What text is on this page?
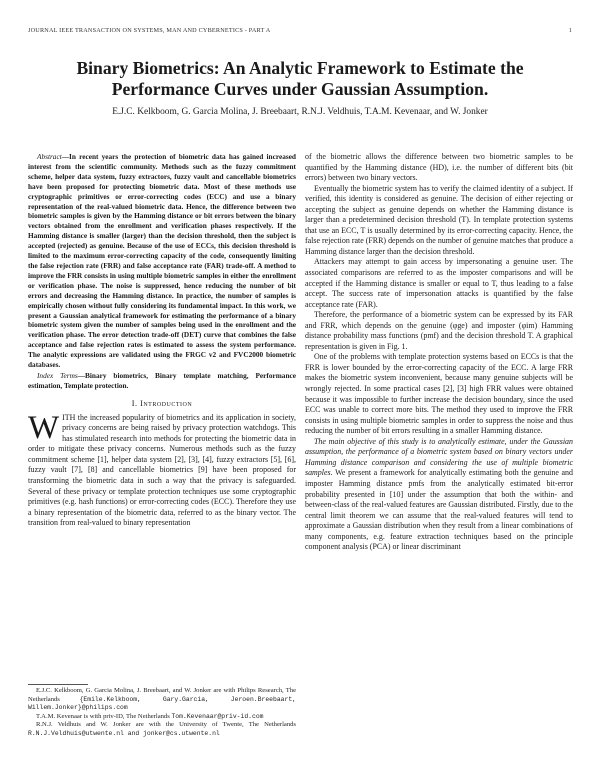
JOURNAL IEEE TRANSACTION ON SYSTEMS, MAN AND CYBERNETICS - PART A	1
Binary Biometrics: An Analytic Framework to Estimate the Performance Curves under Gaussian Assumption.
E.J.C. Kelkboom, G. Garcia Molina, J. Breebaart, R.N.J. Veldhuis, T.A.M. Kevenaar, and W. Jonker

Abstract—In recent years the protection of biometric data has gained increased interest from the scientific community. Methods such as the fuzzy commitment scheme, helper data system, fuzzy extractors, fuzzy vault and cancellable biometrics have been proposed for protecting biometric data. Most of these methods use cryptographic primitives or error-correcting codes (ECC) and use a binary representation of the real-valued biometric data. Hence, the difference between two biometric samples is given by the Hamming distance or bit errors between the binary vectors obtained from the enrollment and verification phases respectively. If the Hamming distance is smaller (larger) than the decision threshold, then the subject is accepted (rejected) as genuine. Because of the use of ECCs, this decision threshold is limited to the maximum error-correcting capacity of the code, consequently limiting the false rejection rate (FRR) and false acceptance rate (FAR) trade-off. A method to improve the FRR consists in using multiple biometric samples in either the enrollment or verification phase. The noise is suppressed, hence reducing the number of bit errors and decreasing the Hamming distance. In practice, the number of samples is empirically chosen without fully considering its fundamental impact. In this work, we present a Gaussian analytical framework for estimating the performance of a binary biometric system given the number of samples being used in the enrollment and the verification phase. The error detection trade-off (DET) curve that combines the false acceptance and false rejection rates is estimated to assess the system performance. The analytic expressions are validated using the FRGC v2 and FVC2000 biometric databases.

Index Terms—Binary biometrics, Binary template matching, Performance estimation, Template protection.

I. Introduction

WITH the increased popularity of biometrics and its application in society, privacy concerns are being raised by privacy protection watchdogs. This has stimulated research into methods for protecting the biometric data in order to mitigate these privacy concerns. Numerous methods such as the fuzzy commitment scheme [1], helper data system [2], [3], [4], fuzzy extractors [5], [6], fuzzy vault [7], [8] and cancellable biometrics [9] have been proposed for transforming the biometric data in such a way that the privacy is safeguarded. Several of these privacy or template protection techniques use some cryptographic primitives (e.g. hash functions) or error-correcting codes (ECC). Therefore they use a binary representation of the biometric data, referred to as the binary vector. The transition from real-valued to binary representation

E.J.C. Kelkboom, G. Garcia Molina, J. Breebaart, and W. Jonker are with Philips Research, The Netherlands	{Emile.Kelkboom, Gary.Garcia, Jeroen.Breebaart, Willem.Jonker}@philips.com

T.A.M. Kevenaar is with priv-ID, The Netherlands Tom.Kevenaar@priv-id.com

R.N.J. Veldhuis and W. Jonker are with the University of Twente, The Netherlands R.N.J.Veldhuis@utwente.nl and jonker@cs.utwente.nl

of the biometric allows the difference between two biometric samples to be quantified by the Hamming distance (HD), i.e. the number of different bits (bit errors) between two binary vectors.

Eventually the biometric system has to verify the claimed identity of a subject. If verified, this identity is considered as genuine. The decision of either rejecting or accepting the subject as genuine depends on whether the Hamming distance is larger than a predetermined decision threshold (T). In template protection systems that use an ECC, T is usually determined by its error-correcting capacity. Hence, the false rejection rate (FRR) depends on the number of genuine matches that produce a Hamming distance larger than the decision threshold.

Attackers may attempt to gain access by impersonating a genuine user. The associated comparisons are referred to as the imposter comparisons and will be accepted if the Hamming distance is smaller or equal to T, thus leading to a false accept. The success rate of impersonation attacks is quantified by the false acceptance rate (FAR).

Therefore, the performance of a biometric system can be expressed by its FAR and FRR, which depends on the genuine (φge) and imposter (φim) Hamming distance probability mass functions (pmf) and the decision threshold T. A graphical representation is given in Fig. 1.

One of the problems with template protection systems based on ECCs is that the FRR is lower bounded by the error-correcting capacity of the ECC. A large FRR makes the biometric system inconvenient, because many genuine subjects will be wrongly rejected. In some practical cases [2], [3] high FRR values were obtained because it was impossible to further increase the decision boundary, since the used ECC was unable to correct more bits. The method they used to improve the FRR consists in using multiple biometric samples in order to suppress the noise and thus reducing the number of bit errors resulting in a smaller Hamming distance.

The main objective of this study is to analytically estimate, under the Gaussian assumption, the performance of a biometric system based on binary vectors under Hamming distance comparison and considering the use of multiple biometric samples. We present a framework for analytically estimating both the genuine and imposter Hamming distance pmfs from the analytically estimated bit-error probability presented in [10] under the assumption that both the within- and between-class of the real-valued features are Gaussian distributed. Firstly, due to the central limit theorem we can assume that the real-valued features will tend to approximate a Gaussian distribution when they result from a linear combinations of many components, e.g. feature extraction techniques based on the principle component analysis (PCA) or linear discriminant
